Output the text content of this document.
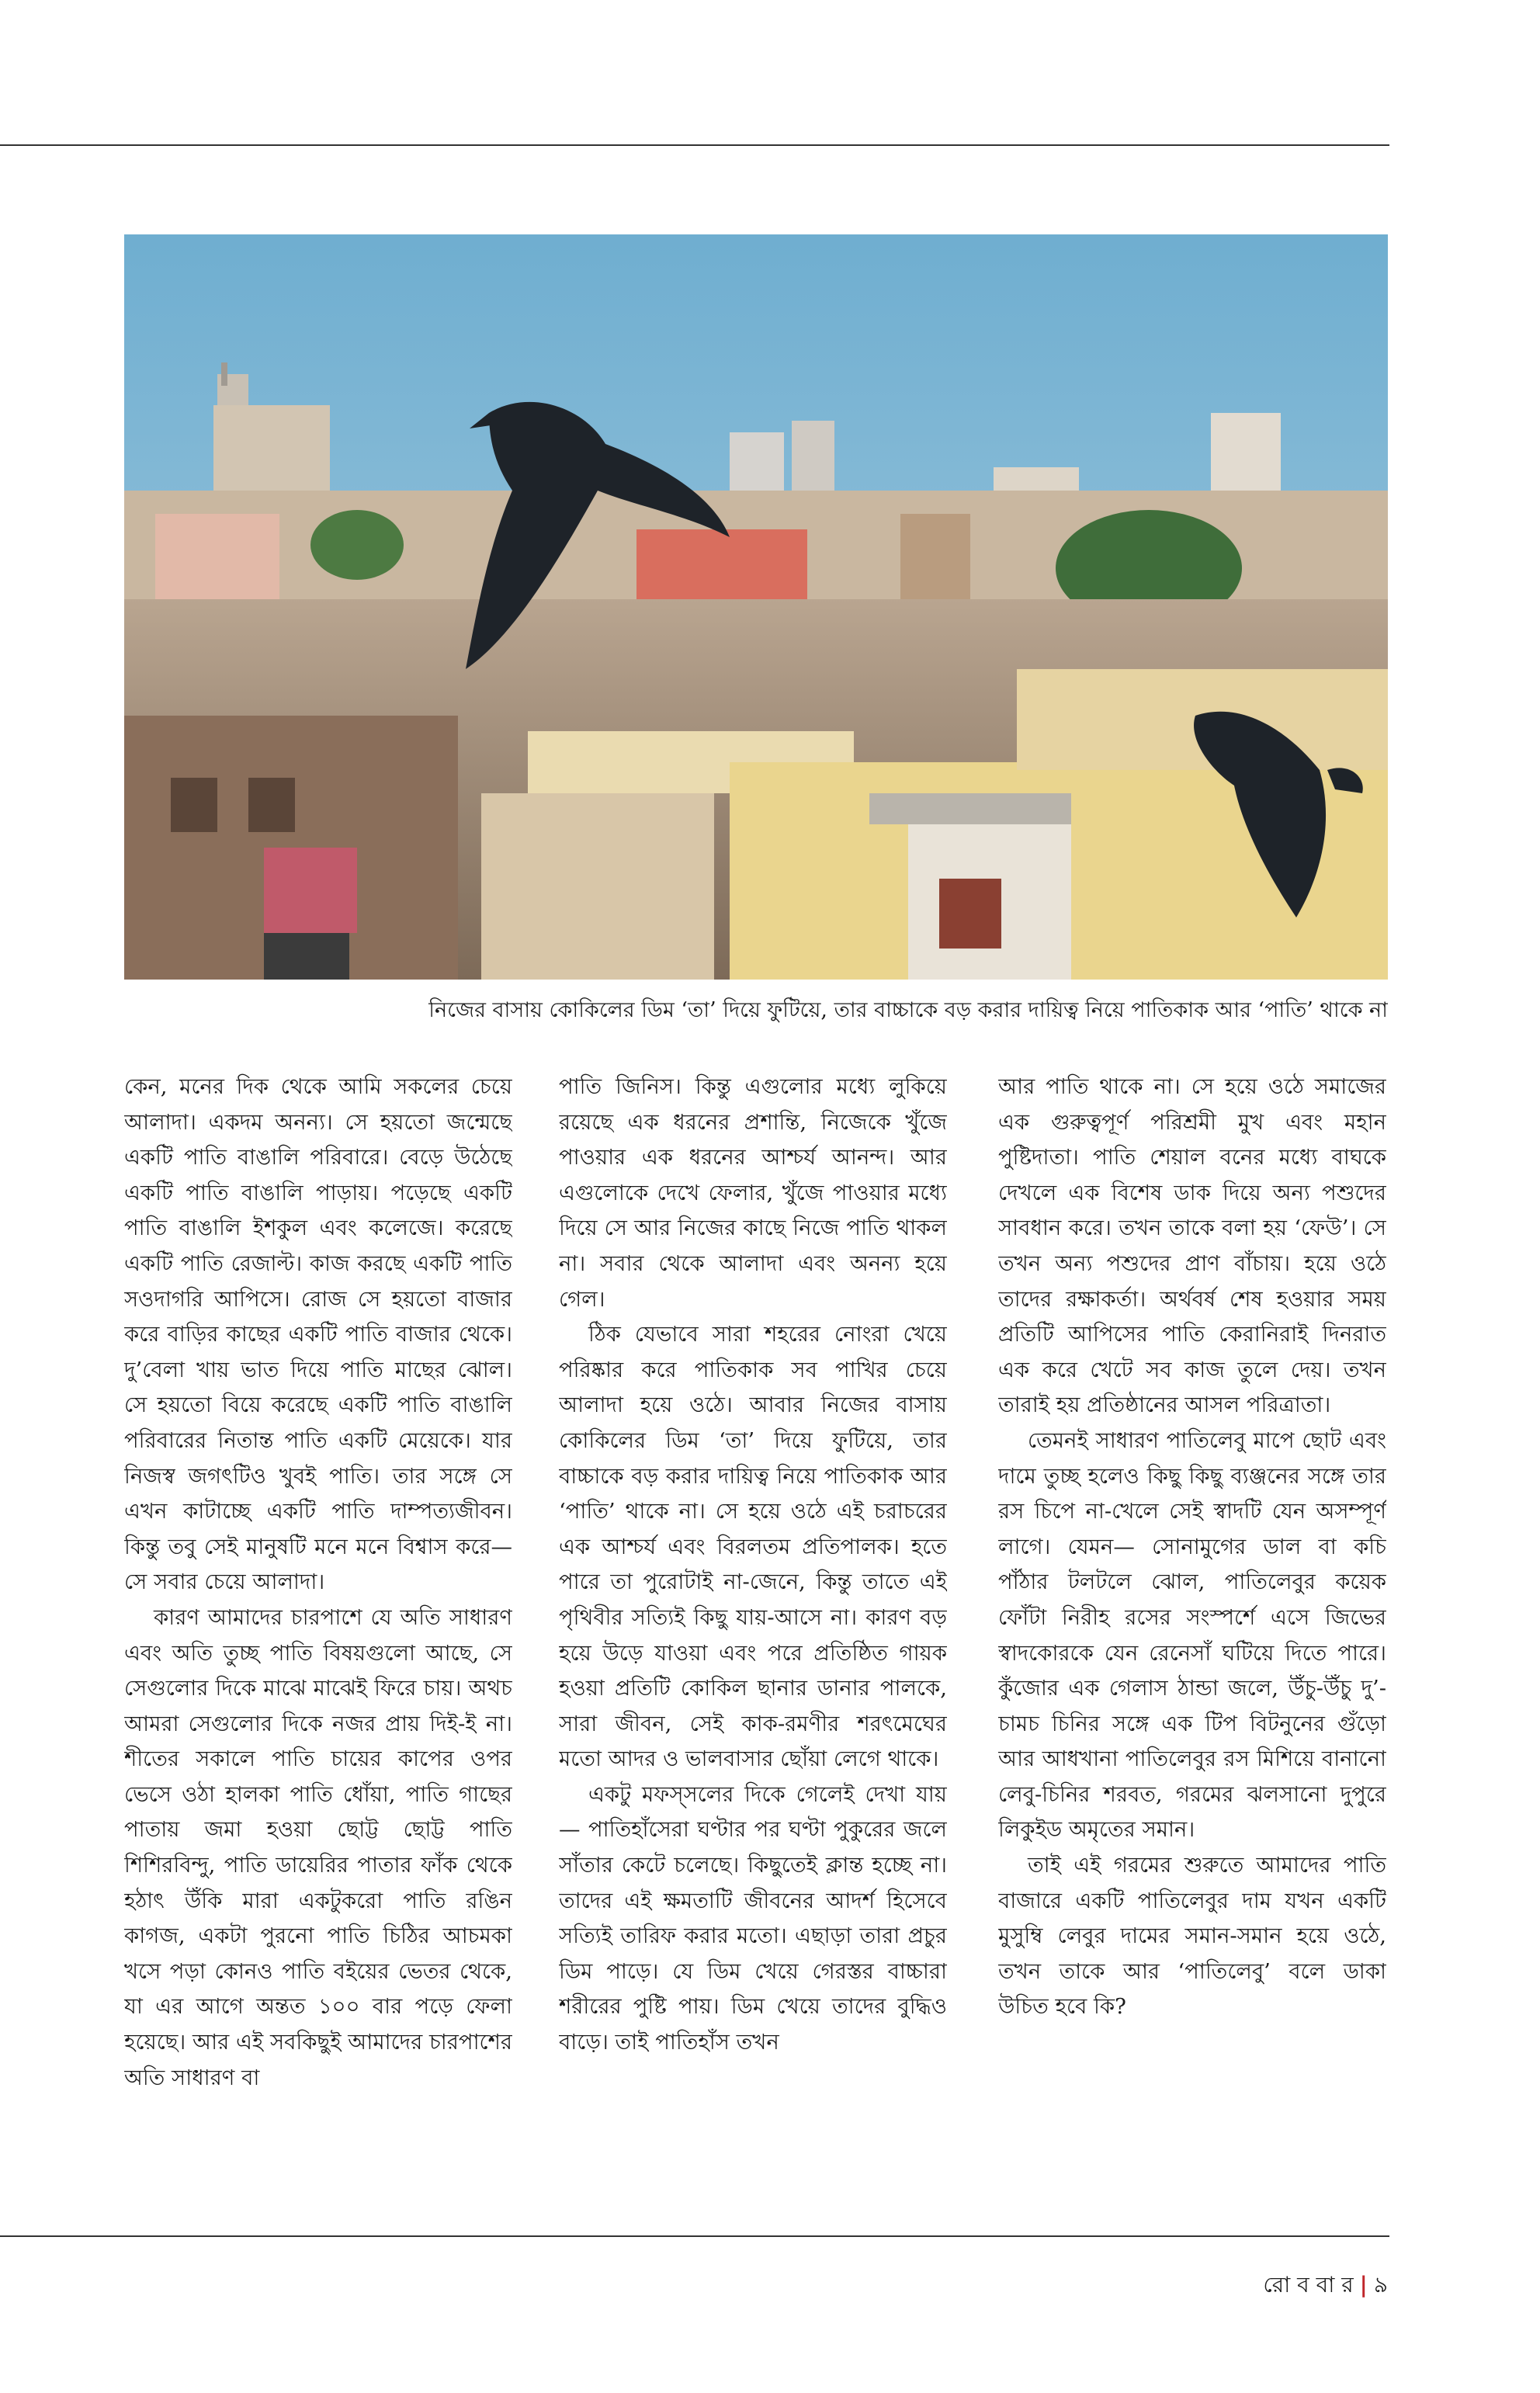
নিজের বাসায় কোকিলের ডিম ‘তা’ দিয়ে ফুটিয়ে, তার বাচ্চাকে বড় করার দায়িত্ব নিয়ে পাতিকাক আর ‘পাতি’ থাকে না

কেন, মনের দিক থেকে আমি সকলের চেয়ে আলাদা। একদম অনন্য। সে হয়তো জন্মেছে একটি পাতি বাঙালি পরিবারে। বেড়ে উঠেছে একটি পাতি বাঙালি পাড়ায়। পড়েছে একটি পাতি বাঙালি ইশকুল এবং কলেজে। করেছে একটি পাতি রেজাল্ট। কাজ করছে একটি পাতি সওদাগরি আপিসে। রোজ সে হয়তো বাজার করে বাড়ির কাছের একটি পাতি বাজার থেকে। দু’বেলা খায় ভাত দিয়ে পাতি মাছের ঝোল। সে হয়তো বিয়ে করেছে একটি পাতি বাঙালি পরিবারের নিতান্ত পাতি একটি মেয়েকে। যার নিজস্ব জগৎটিও খুবই পাতি। তার সঙ্গে সে এখন কাটাচ্ছে একটি পাতি দাম্পত্যজীবন। কিন্তু তবু সেই মানুষটি মনে মনে বিশ্বাস করে— সে সবার চেয়ে আলাদা।

কারণ আমাদের চারপাশে যে অতি সাধারণ এবং অতি তুচ্ছ পাতি বিষয়গুলো আছে, সে সেগুলোর দিকে মাঝে মাঝেই ফিরে চায়। অথচ আমরা সেগুলোর দিকে নজর প্রায় দিই-ই না। শীতের সকালে পাতি চায়ের কাপের ওপর ভেসে ওঠা হালকা পাতি ধোঁয়া, পাতি গাছের পাতায় জমা হওয়া ছোট্ট ছোট্ট পাতি শিশিরবিন্দু, পাতি ডায়েরির পাতার ফাঁক থেকে হঠাৎ উঁকি মারা একটুকরো পাতি রঙিন কাগজ, একটা পুরনো পাতি চিঠির আচমকা খসে পড়া কোনও পাতি বইয়ের ভেতর থেকে, যা এর আগে অন্তত ১০০ বার পড়ে ফেলা হয়েছে। আর এই সবকিছুই আমাদের চারপাশের অতি সাধারণ বা

পাতি জিনিস। কিন্তু এগুলোর মধ্যে লুকিয়ে রয়েছে এক ধরনের প্রশান্তি, নিজেকে খুঁজে পাওয়ার এক ধরনের আশ্চর্য আনন্দ। আর এগুলোকে দেখে ফেলার, খুঁজে পাওয়ার মধ্যে দিয়ে সে আর নিজের কাছে নিজে পাতি থাকল না। সবার থেকে আলাদা এবং অনন্য হয়ে গেল।

ঠিক যেভাবে সারা শহরের নোংরা খেয়ে পরিষ্কার করে পাতিকাক সব পাখির চেয়ে আলাদা হয়ে ওঠে। আবার নিজের বাসায় কোকিলের ডিম ‘তা’ দিয়ে ফুটিয়ে, তার বাচ্চাকে বড় করার দায়িত্ব নিয়ে পাতিকাক আর ‘পাতি’ থাকে না। সে হয়ে ওঠে এই চরাচরের এক আশ্চর্য এবং বিরলতম প্রতিপালক। হতে পারে তা পুরোটাই না-জেনে, কিন্তু তাতে এই পৃথিবীর সত্যিই কিছু যায়-আসে না। কারণ বড় হয়ে উড়ে যাওয়া এবং পরে প্রতিষ্ঠিত গায়ক হওয়া প্রতিটি কোকিল ছানার ডানার পালকে, সারা জীবন, সেই কাক-রমণীর শরৎমেঘের মতো আদর ও ভালবাসার ছোঁয়া লেগে থাকে।

একটু মফস্সলের দিকে গেলেই দেখা যায়— পাতিহাঁসেরা ঘণ্টার পর ঘণ্টা পুকুরের জলে সাঁতার কেটে চলেছে। কিছুতেই ক্লান্ত হচ্ছে না। তাদের এই ক্ষমতাটি জীবনের আদর্শ হিসেবে সত্যিই তারিফ করার মতো। এছাড়া তারা প্রচুর ডিম পাড়ে। যে ডিম খেয়ে গেরস্তর বাচ্চারা শরীরের পুষ্টি পায়। ডিম খেয়ে তাদের বুদ্ধিও বাড়ে। তাই পাতিহাঁস তখন

আর পাতি থাকে না। সে হয়ে ওঠে সমাজের এক গুরুত্বপূর্ণ পরিশ্রমী মুখ এবং মহান পুষ্টিদাতা। পাতি শেয়াল বনের মধ্যে বাঘকে দেখলে এক বিশেষ ডাক দিয়ে অন্য পশুদের সাবধান করে। তখন তাকে বলা হয় ‘ফেউ’। সে তখন অন্য পশুদের প্রাণ বাঁচায়। হয়ে ওঠে তাদের রক্ষাকর্তা। অর্থবর্ষ শেষ হওয়ার সময় প্রতিটি আপিসের পাতি কেরানিরাই দিনরাত এক করে খেটে সব কাজ তুলে দেয়। তখন তারাই হয় প্রতিষ্ঠানের আসল পরিত্রাতা।

তেমনই সাধারণ পাতিলেবু মাপে ছোট এবং দামে তুচ্ছ হলেও কিছু কিছু ব্যঞ্জনের সঙ্গে তার রস চিপে না-খেলে সেই স্বাদটি যেন অসম্পূর্ণ লাগে। যেমন— সোনামুগের ডাল বা কচি পাঁঠার টলটলে ঝোল, পাতিলেবুর কয়েক ফোঁটা নিরীহ রসের সংস্পর্শে এসে জিভের স্বাদকোরকে যেন রেনেসাঁ ঘটিয়ে দিতে পারে। কুঁজোর এক গেলাস ঠান্ডা জলে, উঁচু-উঁচু দু’-চামচ চিনির সঙ্গে এক টিপ বিটনুনের গুঁড়ো আর আধখানা পাতিলেবুর রস মিশিয়ে বানানো লেবু-চিনির শরবত, গরমের ঝলসানো দুপুরে লিকুইড অমৃতের সমান।

তাই এই গরমের শুরুতে আমাদের পাতি বাজারে একটি পাতিলেবুর দাম যখন একটি মুসুম্বি লেবুর দামের সমান-সমান হয়ে ওঠে, তখন তাকে আর ‘পাতিলেবু’ বলে ডাকা উচিত হবে কি?

রো ব বা র | ৯
